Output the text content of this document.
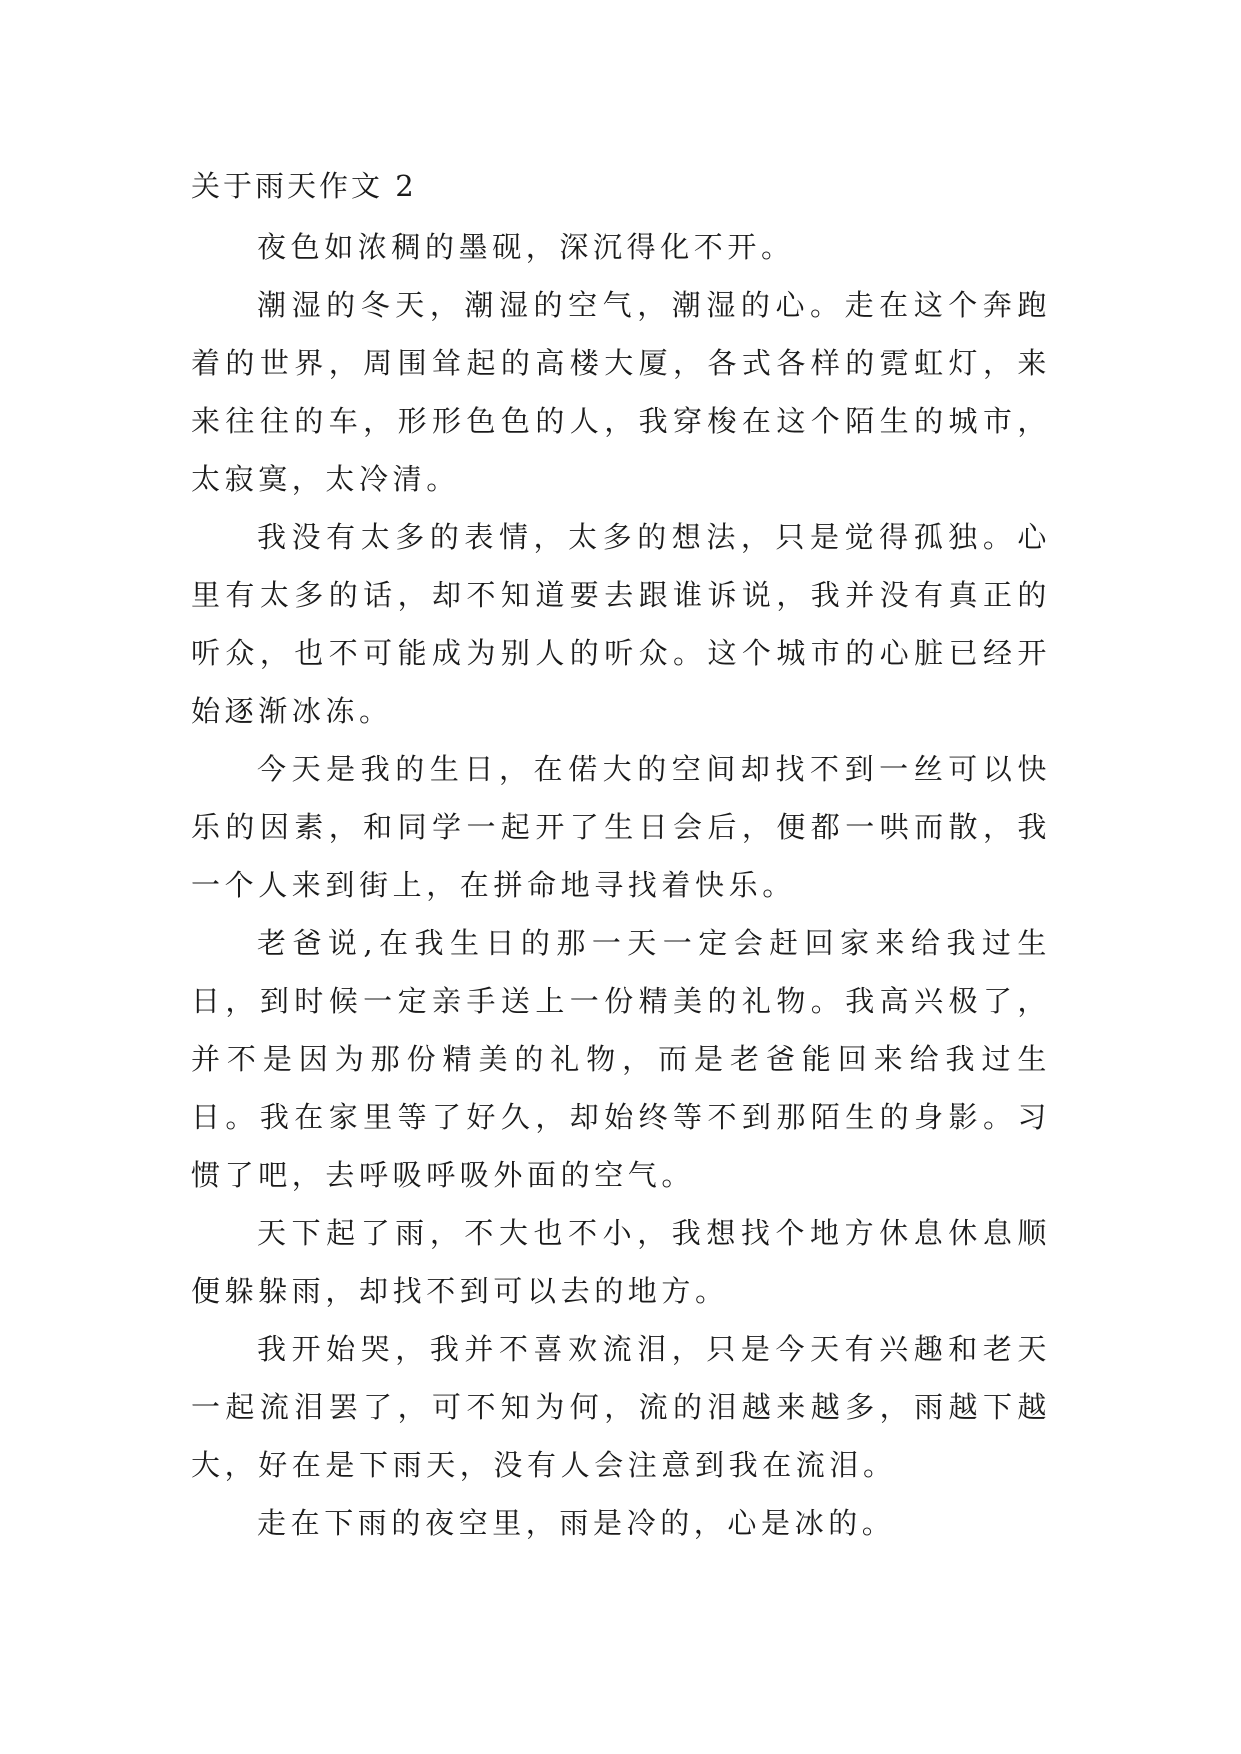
关于雨天作文 2

夜色如浓稠的墨砚，深沉得化不开。

潮湿的冬天，潮湿的空气，潮湿的心。走在这个奔跑着的世界，周围耸起的高楼大厦，各式各样的霓虹灯，来来往往的车，形形色色的人，我穿梭在这个陌生的城市，太寂寞，太冷清。

我没有太多的表情，太多的想法，只是觉得孤独。心里有太多的话，却不知道要去跟谁诉说，我并没有真正的听众，也不可能成为别人的听众。这个城市的心脏已经开始逐渐冰冻。

今天是我的生日，在偌大的空间却找不到一丝可以快乐的因素，和同学一起开了生日会后，便都一哄而散，我一个人来到街上，在拼命地寻找着快乐。

老爸说,在我生日的那一天一定会赶回家来给我过生日，到时候一定亲手送上一份精美的礼物。我高兴极了，并不是因为那份精美的礼物，而是老爸能回来给我过生日。我在家里等了好久，却始终等不到那陌生的身影。习惯了吧，去呼吸呼吸外面的空气。

天下起了雨，不大也不小，我想找个地方休息休息顺便躲躲雨，却找不到可以去的地方。

我开始哭，我并不喜欢流泪，只是今天有兴趣和老天一起流泪罢了，可不知为何，流的泪越来越多，雨越下越大，好在是下雨天，没有人会注意到我在流泪。

走在下雨的夜空里，雨是冷的，心是冰的。
